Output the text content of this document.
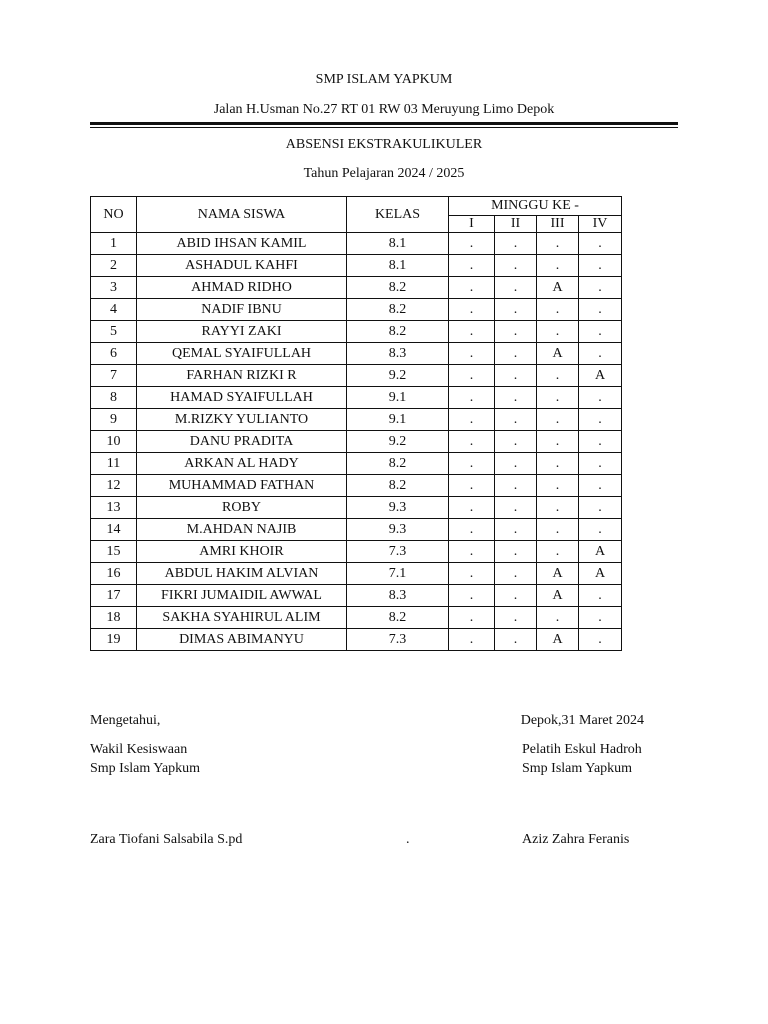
SMP ISLAM YAPKUM
Jalan H.Usman No.27 RT 01 RW 03 Meruyung Limo Depok
ABSENSI EKSTRAKULIKULER
Tahun Pelajaran 2024 / 2025
NO	NAMA SISWA	KELAS	MINGGU KE -			
			I	II	III	IV
1	ABID IHSAN KAMIL	8.1	.	.	.	.
2	ASHADUL KAHFI	8.1	.	.	.	.
3	AHMAD RIDHO	8.2	.	.	A	.
4	NADIF IBNU	8.2	.	.	.	.
5	RAYYI ZAKI	8.2	.	.	.	.
6	QEMAL SYAIFULLAH	8.3	.	.	A	.
7	FARHAN RIZKI R	9.2	.	.	.	A
8	HAMAD SYAIFULLAH	9.1	.	.	.	.
9	M.RIZKY YULIANTO	9.1	.	.	.	.
10	DANU PRADITA	9.2	.	.	.	.
11	ARKAN AL HADY	8.2	.	.	.	.
12	MUHAMMAD FATHAN	8.2	.	.	.	.
13	ROBY	9.3	.	.	.	.
14	M.AHDAN NAJIB	9.3	.	.	.	.
15	AMRI KHOIR	7.3	.	.	.	A
16	ABDUL HAKIM ALVIAN	7.1	.	.	A	A
17	FIKRI JUMAIDIL AWWAL	8.3	.	.	A	.
18	SAKHA SYAHIRUL ALIM	8.2	.	.	.	.
19	DIMAS ABIMANYU	7.3	.	.	A	.
Mengetahui,	Depok,31 Maret 2024
Wakil Kesiswaan
Smp Islam Yapkum
Pelatih Eskul Hadroh
Smp Islam Yapkum
Zara Tiofani Salsabila S.pd	.	Aziz Zahra Feranis
